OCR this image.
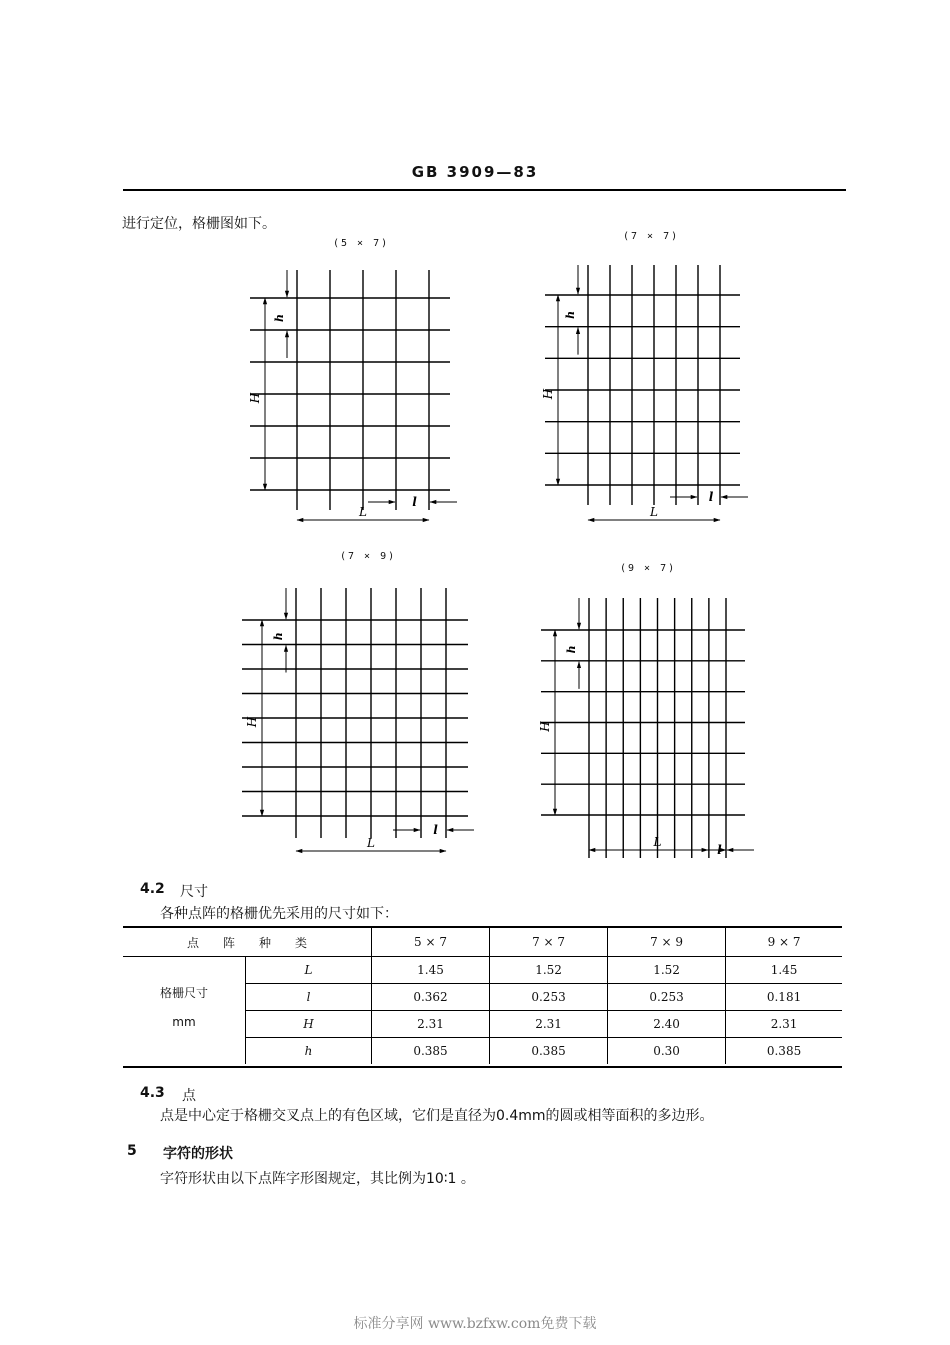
GB 3909—83
进行定位，格栅图如下。
(5 × 7)
(7 × 7)
(7 × 9)
(9 × 7)
H
h
L
l
H
h
L
l
H
h
L
l
H
h
L
l
4.2 尺寸
各种点阵的格栅优先采用的尺寸如下：
点　　阵　　种　　类		5 × 7	7 × 7	7 × 9	9 × 7
格栅尺寸	L	1.45	1.52	1.52	1.45
	l	0.362	0.253	0.253	0.181
mm	H	2.31	2.31	2.40	2.31
	h	0.385	0.385	0.30	0.385
4.3 点
点是中心定于格栅交叉点上的有色区域，它们是直径为0.4mm的圆或相等面积的多边形。
5 字符的形状
字符形状由以下点阵字形图规定，其比例为10∶1 。
标准分享网 www.bzfxw.com免费下载
